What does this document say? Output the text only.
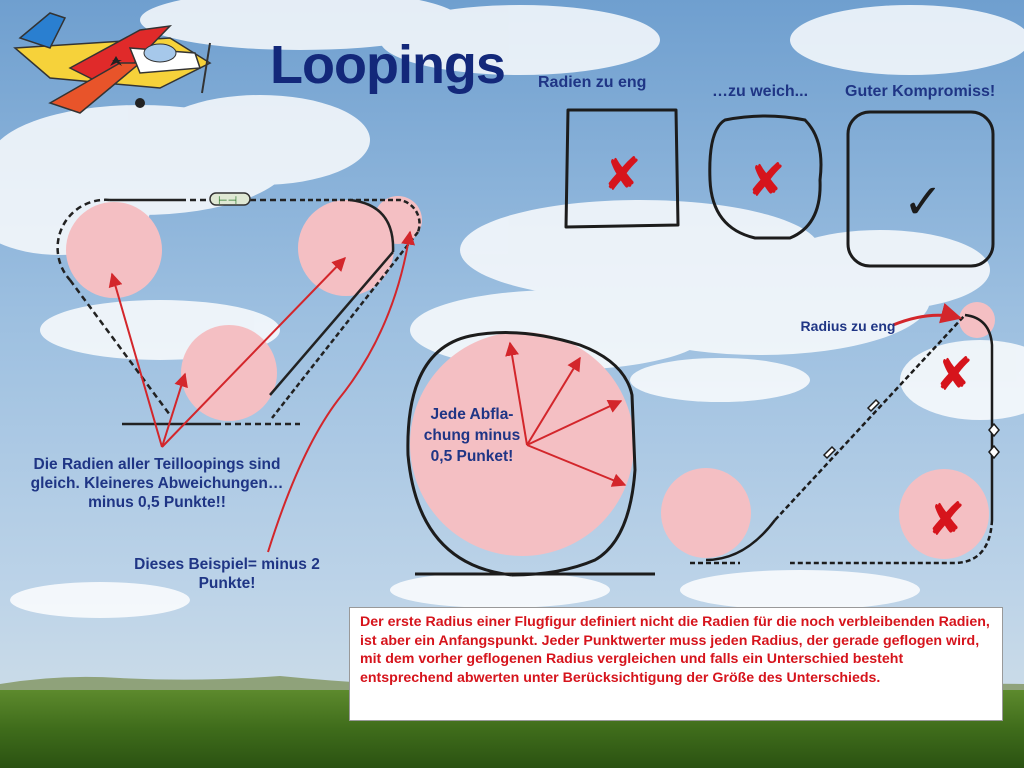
⊢⊣	✘ ✘ ✓
✘
✘
Loopings Radien zu eng
…zu weich... Guter Kompromiss!
Radius zu eng
Die Radien aller Teilloopings sind gleich. Kleineres Abweichungen… minus 0,5 Punkte!!
Dieses Beispiel= minus 2 Punkte!
Jede Abfla-chung minus 0,5 Punket!
Der erste Radius einer Flugfigur definiert nicht die Radien für die noch verbleibenden Radien, ist aber ein Anfangspunkt. Jeder Punktwerter muss jeden Radius, der gerade geflogen wird, mit dem vorher geflogenen Radius vergleichen und falls ein Unterschied besteht entsprechend abwerten unter Berücksichtigung der Größe des Unterschieds.
